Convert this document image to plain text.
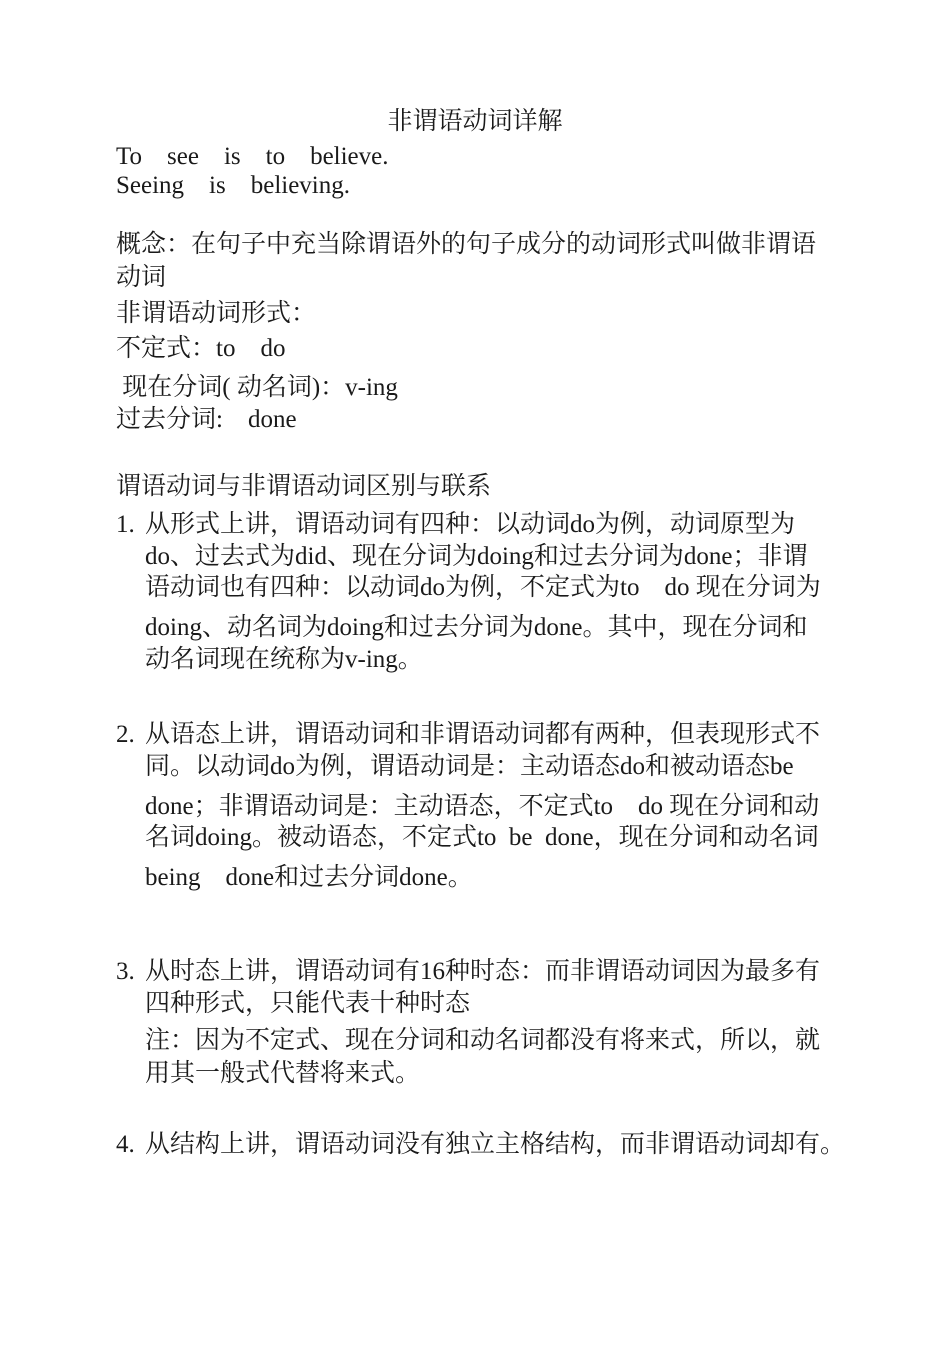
非谓语动词详解
To    see    is    to    believe.
Seeing    is    believing.
概念：在句子中充当除谓语外的句子成分的动词形式叫做非谓语
动词
非谓语动词形式：
不定式：to    do
现在分词( 动名词)：v-ing
过去分词:    done
谓语动词与非谓语动词区别与联系
1. 从形式上讲，谓语动词有四种：以动词do为例，动词原型为
do、过去式为did、现在分词为doing和过去分词为done；非谓
语动词也有四种：以动词do为例，不定式为to    do 现在分词为
doing、动名词为doing和过去分词为done。其中，现在分词和
动名词现在统称为v-ing。
2. 从语态上讲，谓语动词和非谓语动词都有两种，但表现形式不
同。以动词do为例，谓语动词是：主动语态do和被动语态be
done；非谓语动词是：主动语态，不定式to    do 现在分词和动
名词doing。被动语态，不定式to  be  done，现在分词和动名词
being    done和过去分词done。
3. 从时态上讲，谓语动词有16种时态：而非谓语动词因为最多有
四种形式，只能代表十种时态
注：因为不定式、现在分词和动名词都没有将来式，所以，就
用其一般式代替将来式。
4. 从结构上讲，谓语动词没有独立主格结构，而非谓语动词却有。
